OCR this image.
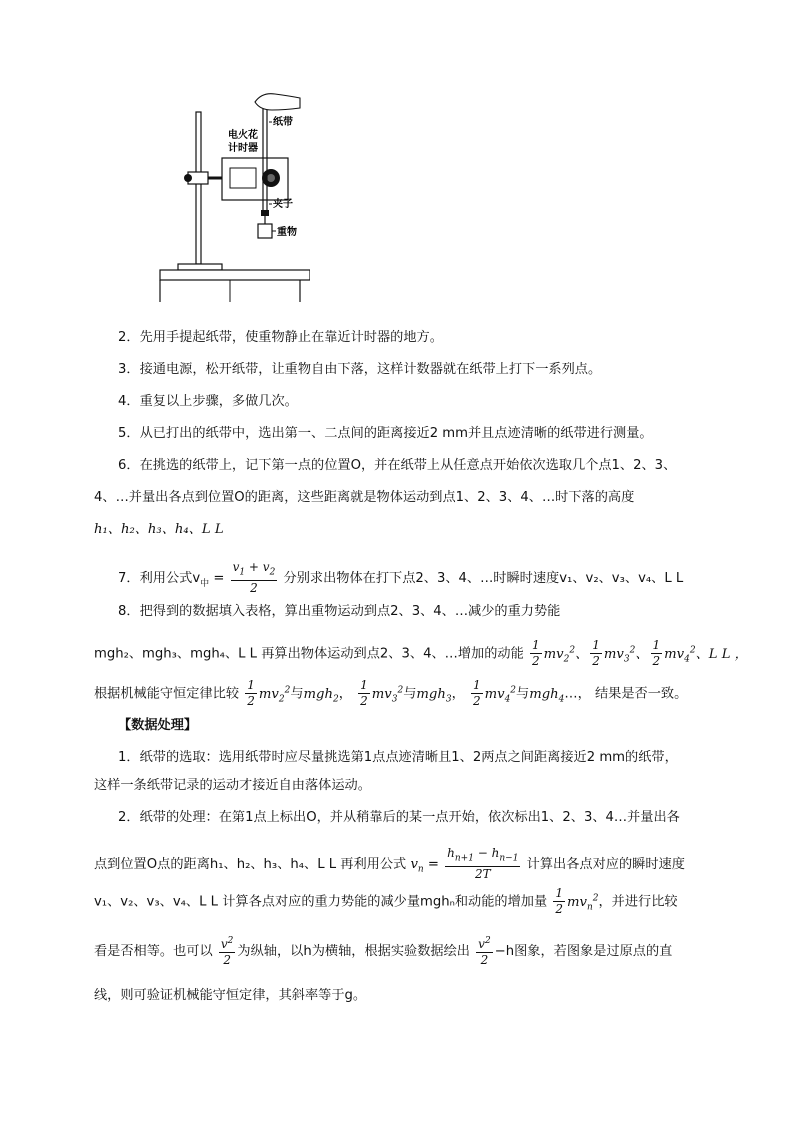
电火花
计时器
纸带
夹子
重物
2．先用手提起纸带，使重物静止在靠近计时器的地方。
3．接通电源，松开纸带，让重物自由下落，这样计数器就在纸带上打下一系列点。
4．重复以上步骤，多做几次。
5．从已打出的纸带中，选出第一、二点间的距离接近2 mm并且点迹清晰的纸带进行测量。
6．在挑选的纸带上，记下第一点的位置O，并在纸带上从任意点开始依次选取几个点1、2、3、
4、…并量出各点到位置O的距离，这些距离就是物体运动到点1、2、3、4、…时下落的高度
h₁、h₂、h₃、h₄、L L
7．利用公式$v_中 = \frac{v_1 + v_2}{2}$ 分别求出物体在打下点2、3、4、…时瞬时速度v₁、v₂、v₃、v₄、L L
8．把得到的数据填入表格，算出重物运动到点2、3、4、…减少的重力势能
mgh₂、mgh₃、mgh₄、L L 再算出物体运动到点2、3、4、…增加的动能 $\frac{1}{2} mv_2^2$、 $\frac{1}{2} mv_3^2$、 $\frac{1}{2} mv_4^2$、L L ，
根据机械能守恒定律比较 $\frac{1}{2} mv_2^2$与mgh$_2$， $\frac{1}{2} mv_3^2$与mgh$_3$， $\frac{1}{2} mv_4^2$与mgh$_4$…， 结果是否一致。
【数据处理】
1．纸带的选取：选用纸带时应尽量挑选第1点点迹清晰且1、2两点之间距离接近2 mm的纸带，
这样一条纸带记录的运动才接近自由落体运动。
2．纸带的处理：在第1点上标出O，并从稍靠后的某一点开始，依次标出1、2、3、4…并量出各
点到位置O点的距离h₁、h₂、h₃、h₄、L L 再利用公式 $v_n = \frac{h_{n+1} - h_{n-1}}{2T}$ 计算出各点对应的瞬时速度
v₁、v₂、v₃、v₄、L L 计算各点对应的重力势能的减少量mghₙ和动能的增加量 $\frac{1}{2} mv_n^2$，并进行比较
看是否相等。也可以 $\frac{v^2}{2}$ 为纵轴，以h为横轴，根据实验数据绘出 $\frac{v^2}{2} -h$图象，若图象是过原点的直
线，则可验证机械能守恒定律，其斜率等于g。
